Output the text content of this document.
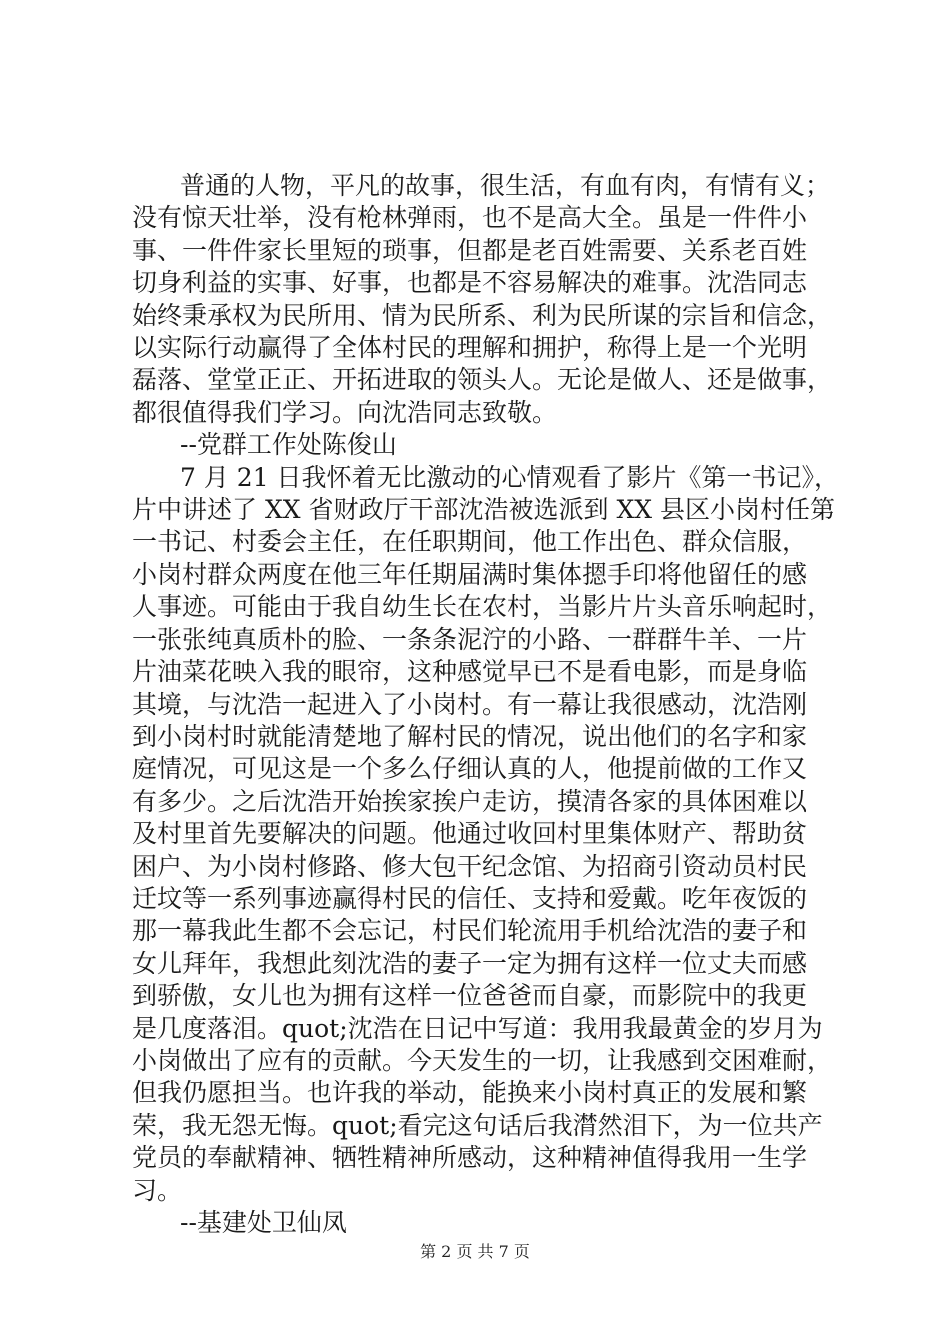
普通的人物，平凡的故事，很生活，有血有肉，有情有义；
没有惊天壮举，没有枪林弹雨，也不是高大全。虽是一件件小
事、一件件家长里短的琐事，但都是老百姓需要、关系老百姓
切身利益的实事、好事，也都是不容易解决的难事。沈浩同志
始终秉承权为民所用、情为民所系、利为民所谋的宗旨和信念，
以实际行动赢得了全体村民的理解和拥护，称得上是一个光明
磊落、堂堂正正、开拓进取的领头人。无论是做人、还是做事，
都很值得我们学习。向沈浩同志致敬。
--党群工作处陈俊山
7 月 21 日我怀着无比激动的心情观看了影片《第一书记》，
片中讲述了 XX 省财政厅干部沈浩被选派到 XX 县区小岗村任第
一书记、村委会主任，在任职期间，他工作出色、群众信服，
小岗村群众两度在他三年任期届满时集体摁手印将他留任的感
人事迹。可能由于我自幼生长在农村，当影片片头音乐响起时，
一张张纯真质朴的脸、一条条泥泞的小路、一群群牛羊、一片
片油菜花映入我的眼帘，这种感觉早已不是看电影，而是身临
其境，与沈浩一起进入了小岗村。有一幕让我很感动，沈浩刚
到小岗村时就能清楚地了解村民的情况，说出他们的名字和家
庭情况，可见这是一个多么仔细认真的人，他提前做的工作又
有多少。之后沈浩开始挨家挨户走访，摸清各家的具体困难以
及村里首先要解决的问题。他通过收回村里集体财产、帮助贫
困户、为小岗村修路、修大包干纪念馆、为招商引资动员村民
迁坟等一系列事迹赢得村民的信任、支持和爱戴。吃年夜饭的
那一幕我此生都不会忘记，村民们轮流用手机给沈浩的妻子和
女儿拜年，我想此刻沈浩的妻子一定为拥有这样一位丈夫而感
到骄傲，女儿也为拥有这样一位爸爸而自豪，而影院中的我更
是几度落泪。quot;沈浩在日记中写道：我用我最黄金的岁月为
小岗做出了应有的贡献。今天发生的一切，让我感到交困难耐，
但我仍愿担当。也许我的举动，能换来小岗村真正的发展和繁
荣，我无怨无悔。quot;看完这句话后我潸然泪下，为一位共产
党员的奉献精神、牺牲精神所感动，这种精神值得我用一生学
习。
--基建处卫仙凤
第 2 页 共 7 页
